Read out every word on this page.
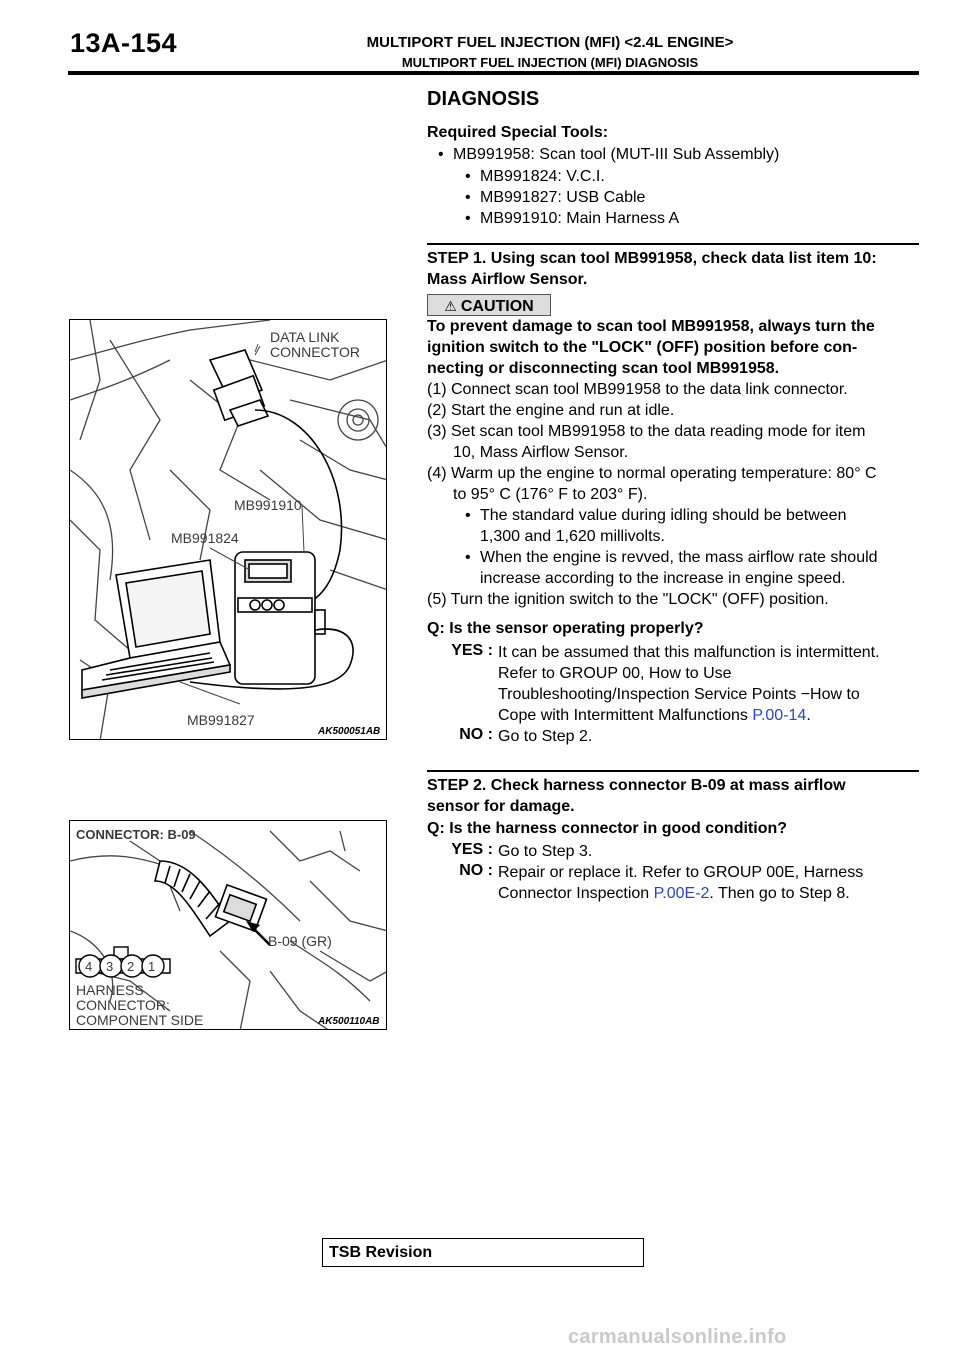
13A-154	MULTIPORT FUEL INJECTION (MFI) <2.4L ENGINE>
MULTIPORT FUEL INJECTION (MFI) DIAGNOSIS
DIAGNOSIS
Required Special Tools:
• MB991958: Scan tool (MUT-III Sub Assembly)
• MB991824: V.C.I.
• MB991827: USB Cable
• MB991910: Main Harness A
STEP 1. Using scan tool MB991958, check data list item 10:
Mass Airflow Sensor.
⚠ CAUTION
To prevent damage to scan tool MB991958, always turn the
ignition switch to the "LOCK" (OFF) position before con-
necting or disconnecting scan tool MB991958.
(1) Connect scan tool MB991958 to the data link connector.
(2) Start the engine and run at idle.
(3) Set scan tool MB991958 to the data reading mode for item
10, Mass Airflow Sensor.
(4) Warm up the engine to normal operating temperature: 80° C
to 95° C (176° F to 203° F).
• The standard value during idling should be between
1,300 and 1,620 millivolts.
• When the engine is revved, the mass airflow rate should
increase according to the increase in engine speed.
(5) Turn the ignition switch to the "LOCK" (OFF) position.
Q: Is the sensor operating properly?
YES : It can be assumed that this malfunction is intermittent.
Refer to GROUP 00, How to Use
Troubleshooting/Inspection Service Points −How to
Cope with Intermittent Malfunctions P.00-14.
NO : Go to Step 2.
STEP 2. Check harness connector B-09 at mass airflow
sensor for damage.
Q: Is the harness connector in good condition?
YES : Go to Step 3.
NO : Repair or replace it. Refer to GROUP 00E, Harness
Connector Inspection P.00E-2. Then go to Step 8.
DATA LINK
CONNECTOR
MB991910
MB991824
MB991827
AK500051AB
CONNECTOR: B-09
B-09 (GR)
4 3 2 1
HARNESS
CONNECTOR:
COMPONENT SIDE	AK500110AB
TSB Revision
carmanualsonline.info
